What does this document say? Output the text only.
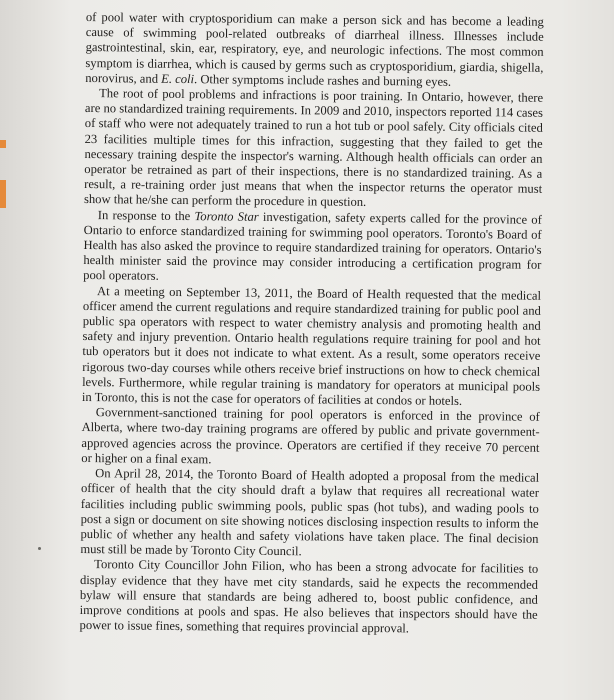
of pool water with cryptosporidium can make a person sick and has become a leading cause of swimming pool-related outbreaks of diarrheal illness. Illnesses include gastrointestinal, skin, ear, respiratory, eye, and neurologic infections. The most common symptom is diarrhea, which is caused by germs such as cryptosporidium, giardia, shigella, norovirus, and E. coli. Other symptoms include rashes and burning eyes.

The root of pool problems and infractions is poor training. In Ontario, however, there are no standardized training requirements. In 2009 and 2010, inspectors reported 114 cases of staff who were not adequately trained to run a hot tub or pool safely. City officials cited 23 facilities multiple times for this infraction, suggesting that they failed to get the necessary training despite the inspector's warning. Although health officials can order an operator be retrained as part of their inspections, there is no standardized training. As a result, a re-training order just means that when the inspector returns the operator must show that he/she can perform the procedure in question.

In response to the Toronto Star investigation, safety experts called for the province of Ontario to enforce standardized training for swimming pool operators. Toronto's Board of Health has also asked the province to require standardized training for operators. Ontario's health minister said the province may consider introducing a certification program for pool operators.

At a meeting on September 13, 2011, the Board of Health requested that the medical officer amend the current regulations and require standardized training for public pool and public spa operators with respect to water chemistry analysis and promoting health and safety and injury prevention. Ontario health regulations require training for pool and hot tub operators but it does not indicate to what extent. As a result, some operators receive rigorous two-day courses while others receive brief instructions on how to check chemical levels. Furthermore, while regular training is mandatory for operators at municipal pools in Toronto, this is not the case for operators of facilities at condos or hotels.

Government-sanctioned training for pool operators is enforced in the province of Alberta, where two-day training programs are offered by public and private government-approved agencies across the province. Operators are certified if they receive 70 percent or higher on a final exam.

On April 28, 2014, the Toronto Board of Health adopted a proposal from the medical officer of health that the city should draft a bylaw that requires all recreational water facilities including public swimming pools, public spas (hot tubs), and wading pools to post a sign or document on site showing notices disclosing inspection results to inform the public of whether any health and safety violations have taken place. The final decision must still be made by Toronto City Council.

Toronto City Councillor John Filion, who has been a strong advocate for facilities to display evidence that they have met city standards, said he expects the recommended bylaw will ensure that standards are being adhered to, boost public confidence, and improve conditions at pools and spas. He also believes that inspectors should have the power to issue fines, something that requires provincial approval.
